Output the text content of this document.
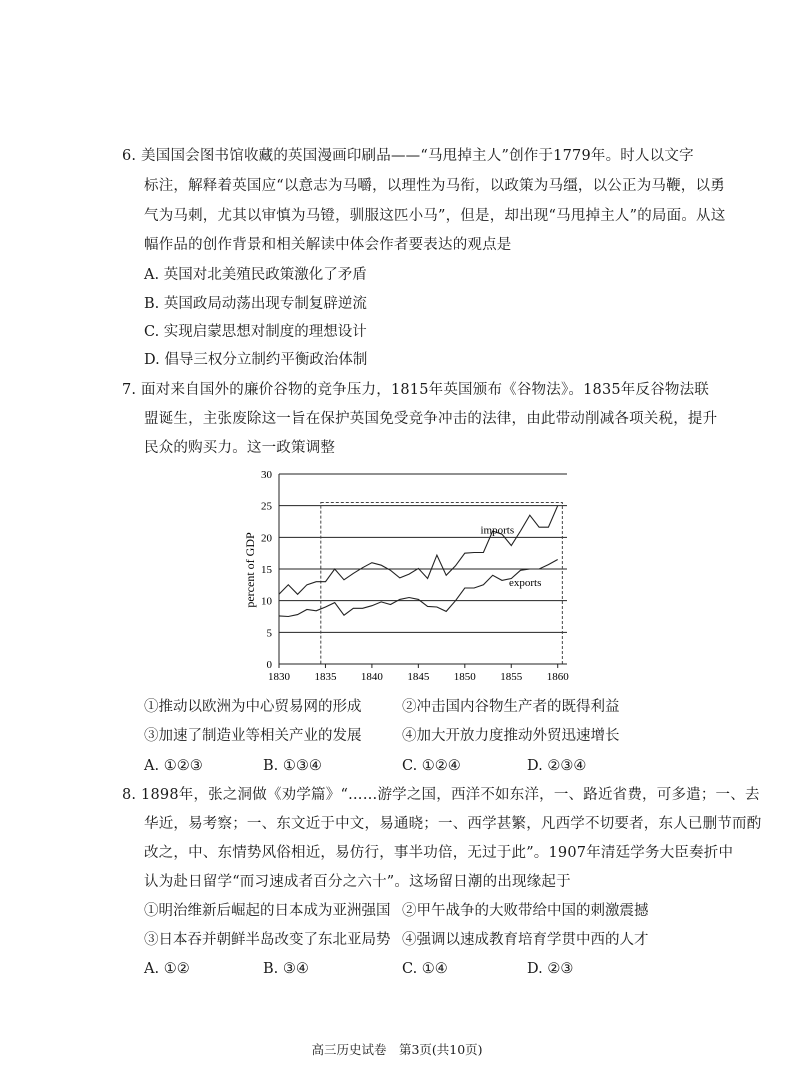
6. 美国国会图书馆收藏的英国漫画印刷品——“马甩掉主人”创作于1779年。时人以文字
标注，解释着英国应“以意志为马嚼，以理性为马衔，以政策为马缰，以公正为马鞭，以勇
气为马刺，尤其以审慎为马镫，驯服这匹小马”，但是，却出现“马甩掉主人”的局面。从这
幅作品的创作背景和相关解读中体会作者要表达的观点是
A. 英国对北美殖民政策激化了矛盾
B. 英国政局动荡出现专制复辟逆流
C. 实现启蒙思想对制度的理想设计
D. 倡导三权分立制约平衡政治体制
7. 面对来自国外的廉价谷物的竞争压力，1815年英国颁布《谷物法》。1835年反谷物法联
盟诞生，主张废除这一旨在保护英国免受竞争冲击的法律，由此带动削减各项关税，提升
民众的购买力。这一政策调整
imports
exports
0
5
10
15
20
25
30
1830 1835 1840 1845 1850 1855 1860
percent of GDP
①推动以欧洲为中心贸易网的形成	②冲击国内谷物生产者的既得利益
③加速了制造业等相关产业的发展	④加大开放力度推动外贸迅速增长
A. ①②③	B. ①③④	C. ①②④	D. ②③④
8. 1898年，张之洞做《劝学篇》“……游学之国，西洋不如东洋，一、路近省费，可多遣；一、去
华近，易考察；一、东文近于中文，易通晓；一、西学甚繁，凡西学不切要者，东人已删节而酌
改之，中、东情势风俗相近，易仿行，事半功倍，无过于此”。1907年清廷学务大臣奏折中
认为赴日留学“而习速成者百分之六十”。这场留日潮的出现缘起于
①明治维新后崛起的日本成为亚洲强国 ②甲午战争的大败带给中国的刺激震撼
③日本吞并朝鲜半岛改变了东北亚局势 ④强调以速成教育培育学贯中西的人才
A. ①②	B. ③④	C. ①④	D. ②③
高三历史试卷　第3页(共10页)
